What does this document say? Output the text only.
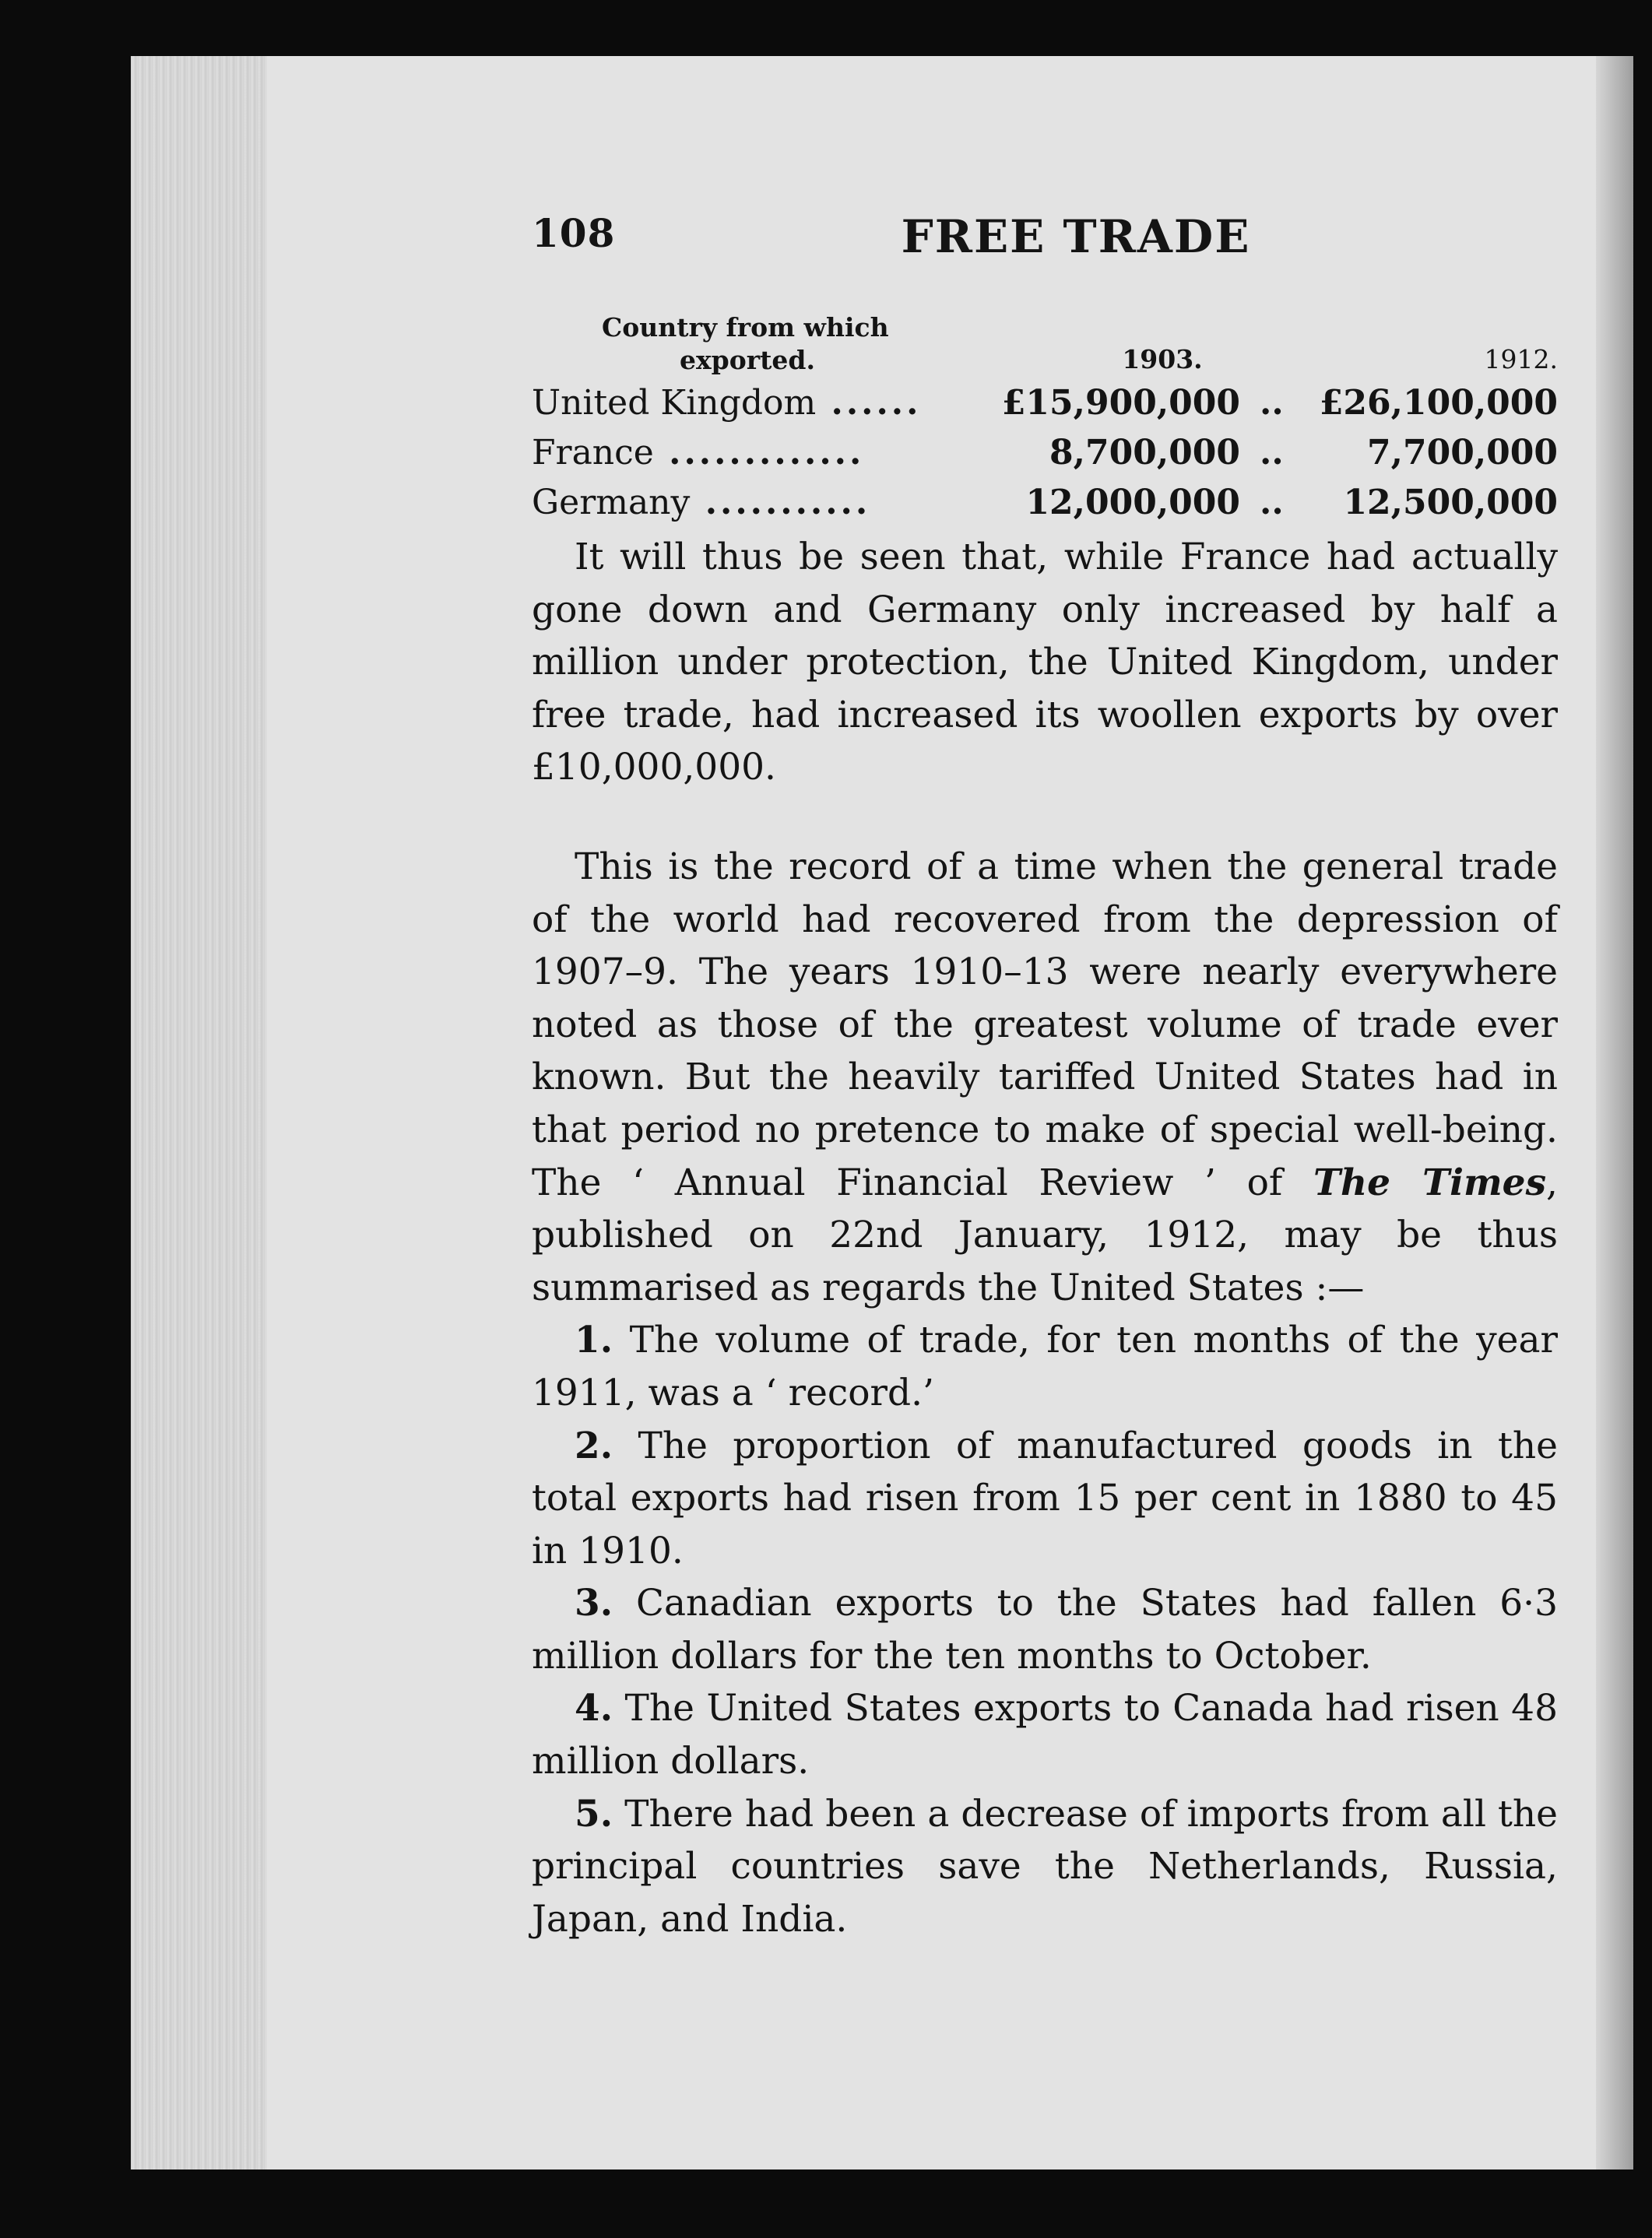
108	FREE TRADE
Country from which
exported.	1903.	1912.
United Kingdom ......	£15,900,000 ..	£26,100,000
France .............	8,700,000 ..	7,700,000
Germany ...........	12,000,000 ..	12,500,000

It will thus be seen that, while France had actually gone down and Germany only increased by half a million under protection, the United Kingdom, under free trade, had increased its woollen exports by over £10,000,000.

This is the record of a time when the general trade of the world had recovered from the depression of 1907–9. The years 1910–13 were nearly everywhere noted as those of the greatest volume of trade ever known. But the heavily tariffed United States had in that period no pretence to make of special well-being. The ‘ Annual Financial Review ’ of The Times, published on 22nd January, 1912, may be thus summarised as regards the United States :—

1. The volume of trade, for ten months of the year 1911, was a ‘ record.’

2. The proportion of manufactured goods in the total exports had risen from 15 per cent in 1880 to 45 in 1910.

3. Canadian exports to the States had fallen 6·3 million dollars for the ten months to October.

4. The United States exports to Canada had risen 48 million dollars.

5. There had been a decrease of imports from all the principal countries save the Netherlands, Russia, Japan, and India.
